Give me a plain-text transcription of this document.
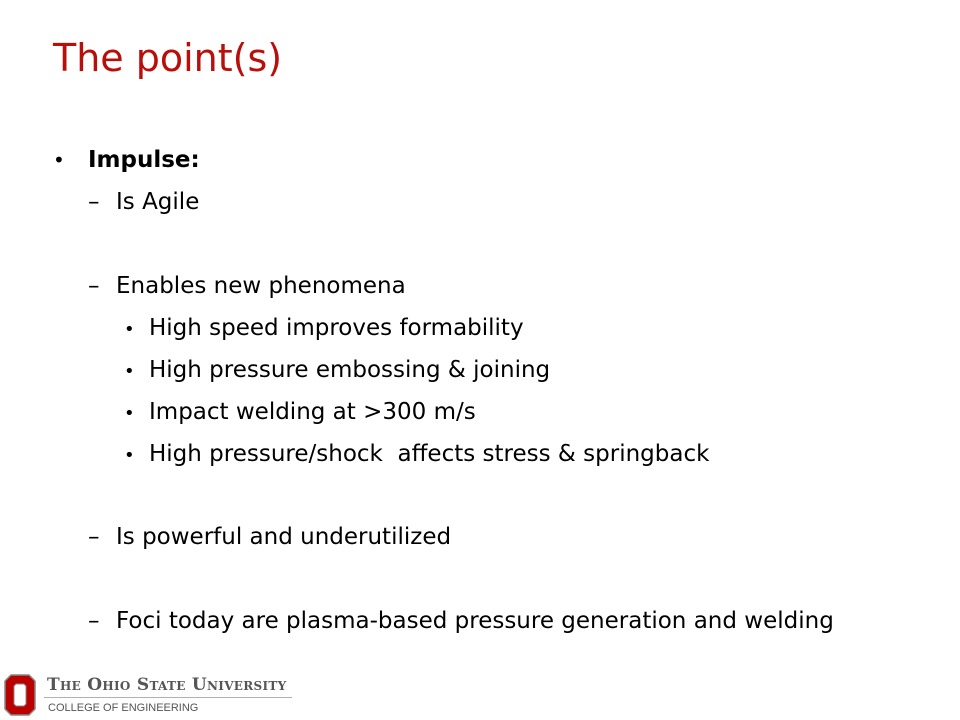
The point(s)
• Impulse:
– Is Agile
– Enables new phenomena
• High speed improves formability
• High pressure embossing & joining
• Impact welding at >300 m/s
• High pressure/shock  affects stress & springback
– Is powerful and underutilized
– Foci today are plasma-based pressure generation and welding
The Ohio State University
COLLEGE OF ENGINEERING
